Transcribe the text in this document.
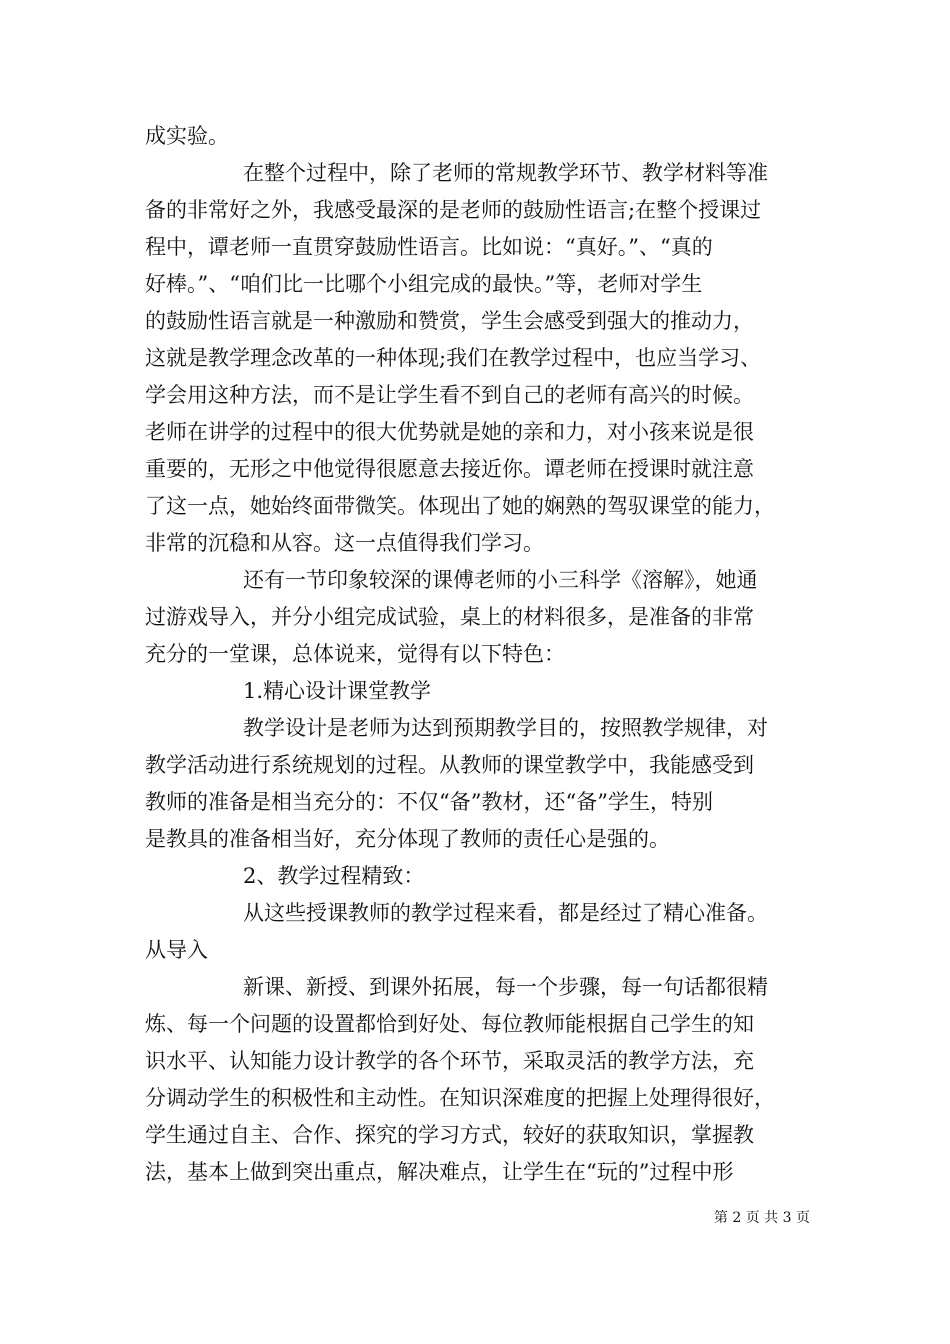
成实验。
在整个过程中，除了老师的常规教学环节、教学材料等准
备的非常好之外，我感受最深的是老师的鼓励性语言;在整个授课过
程中，谭老师一直贯穿鼓励性语言。比如说：“真好。”、“真的
好棒。”、“咱们比一比哪个小组完成的最快。”等，老师对学生
的鼓励性语言就是一种激励和赞赏，学生会感受到强大的推动力，
这就是教学理念改革的一种体现;我们在教学过程中，也应当学习、
学会用这种方法，而不是让学生看不到自己的老师有高兴的时候。
老师在讲学的过程中的很大优势就是她的亲和力，对小孩来说是很
重要的，无形之中他觉得很愿意去接近你。谭老师在授课时就注意
了这一点，她始终面带微笑。体现出了她的娴熟的驾驭课堂的能力，
非常的沉稳和从容。这一点值得我们学习。
还有一节印象较深的课傅老师的小三科学《溶解》，她通
过游戏导入，并分小组完成试验，桌上的材料很多，是准备的非常
充分的一堂课，总体说来，觉得有以下特色：
1.精心设计课堂教学
教学设计是老师为达到预期教学目的，按照教学规律，对
教学活动进行系统规划的过程。从教师的课堂教学中，我能感受到
教师的准备是相当充分的：不仅“备”教材，还“备”学生，特别
是教具的准备相当好，充分体现了教师的责任心是强的。
2、教学过程精致：
从这些授课教师的教学过程来看，都是经过了精心准备。
从导入
新课、新授、到课外拓展，每一个步骤，每一句话都很精
炼、每一个问题的设置都恰到好处、每位教师能根据自己学生的知
识水平、认知能力设计教学的各个环节，采取灵活的教学方法，充
分调动学生的积极性和主动性。在知识深难度的把握上处理得很好，
学生通过自主、合作、探究的学习方式，较好的获取知识，掌握教
法，基本上做到突出重点，解决难点，让学生在“玩的”过程中形
第 2 页 共 3 页
